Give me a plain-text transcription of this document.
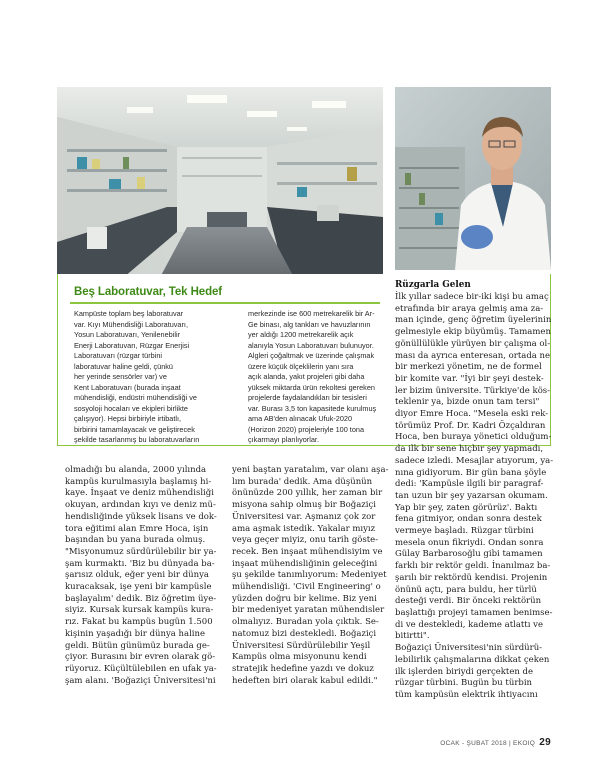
Beş Laboratuvar, Tek Hedef
Kampüste toplam beş laboratuvar
var. Kıyı Mühendisliği Laboratuvarı,
Yosun Laboratuvarı, Yenilenebilir
Enerji Laboratuvarı, Rüzgar Enerjisi
Laboratuvarı (rüzgar türbini
laboratuvar haline geldi, çünkü
her yerinde sensörler var) ve
Kent Laboratuvarı (burada inşaat
mühendisliği, endüstri mühendisliği ve
sosyoloji hocaları ve ekipleri birlikte
çalışıyor). Hepsi birbiriyle irtibatlı,
birbirini tamamlayacak ve geliştirecek
şekilde tasarlanmış bu laboratuvarların
merkezinde ise 600 metrekarelik bir Ar-
Ge binası, alg tankları ve havuzlarının
yer aldığı 1200 metrekarelik açık
alanıyla Yosun Laboratuvarı bulunuyor.
Algleri çoğaltmak ve üzerinde çalışmak
üzere küçük ölçeklilerin yanı sıra
açık alanda, yakıt projeleri gibi daha
yüksek miktarda ürün rekoltesi gereken
projelerde faydalandıkları bir tesisleri
var. Burası 3,5 ton kapasitede kurulmuş
ama AB'den alınacak Ufuk-2020
(Horizon 2020) projeleriyle 100 tona
çıkarmayı planlıyorlar.
olmadığı bu alanda, 2000 yılında
kampüs kurulmasıyla başlamış hi-
kaye. İnşaat ve deniz mühendisliği
okuyan, ardından kıyı ve deniz mü-
hendisliğinde yüksek lisans ve dok-
tora eğitimi alan Emre Hoca, işin
başından bu yana burada olmuş.
"Misyonumuz sürdürülebilir bir ya-
şam kurmaktı. 'Biz bu dünyada ba-
şarısız olduk, eğer yeni bir dünya
kuracaksak, işe yeni bir kampüsle
başlayalım' dedik. Biz öğretim üye-
siyiz. Kursak kursak kampüs kura-
rız. Fakat bu kampüs bugün 1.500
kişinin yaşadığı bir dünya haline
geldi. Bütün günümüz burada ge-
çiyor. Burasını bir evren olarak gö-
rüyoruz. Küçültülebilen en ufak ya-
şam alanı. 'Boğaziçi Üniversitesi'ni
yeni baştan yaratalım, var olanı aşa-
lım burada' dedik. Ama düşünün
önünüzde 200 yıllık, her zaman bir
misyona sahip olmuş bir Boğaziçi
Üniversitesi var. Aşmanız çok zor
ama aşmak istedik. Yakalar mıyız
veya geçer miyiz, onu tarih göste-
recek. Ben inşaat mühendisiyim ve
inşaat mühendisliğinin geleceğini
şu şekilde tanımlıyorum: Medeniyet
mühendisliği. 'Civil Engineering' o
yüzden doğru bir kelime. Biz yeni
bir medeniyet yaratan mühendisler
olmalıyız. Buradan yola çıktık. Se-
natomuz bizi destekledi. Boğaziçi
Üniversitesi Sürdürülebilir Yeşil
Kampüs olma misyonunu kendi
stratejik hedefine yazdı ve dokuz
hedeften biri olarak kabul edildi."
Rüzgarla Gelen
İlk yıllar sadece bir-iki kişi bu amaç
etrafında bir araya gelmiş ama za-
man içinde, genç öğretim üyelerinin
gelmesiyle ekip büyümüş. Tamamen
gönüllülükle yürüyen bir çalışma ol-
ması da ayrıca enteresan, ortada ne
bir merkezi yönetim, ne de formel
bir komite var. "İyi bir şeyi destek-
ler bizim üniversite. Türkiye'de kös-
teklenir ya, bizde onun tam tersi"
diyor Emre Hoca. "Mesela eski rek-
törümüz Prof. Dr. Kadri Özçaldıran
Hoca, ben buraya yönetici olduğum-
da ilk bir sene hiçbir şey yapmadı,
sadece izledi. Mesajlar atıyorum, ya-
nına gidiyorum. Bir gün bana şöyle
dedi: 'Kampüsle ilgili bir paragraf-
tan uzun bir şey yazarsan okumam.
Yap bir şey, zaten görürüz'. Baktı
fena gitmiyor, ondan sonra destek
vermeye başladı. Rüzgar türbini
mesela onun fikriydi. Ondan sonra
Gülay Barbarosoğlu gibi tamamen
farklı bir rektör geldi. İnanılmaz ba-
şarılı bir rektördü kendisi. Projenin
önünü açtı, para buldu, her türlü
desteği verdi. Bir önceki rektörün
başlattığı projeyi tamamen benimse-
di ve destekledi, kademe atlattı ve
bitirtti".
Boğaziçi Üniversitesi'nin sürdürü-
lebilirlik çalışmalarına dikkat çeken
ilk işlerden biriydi gerçekten de
rüzgar türbini. Bugün bu türbin
tüm kampüsün elektrik ihtiyacını
OCAK - ŞUBAT 2018 | EKOIQ 29
